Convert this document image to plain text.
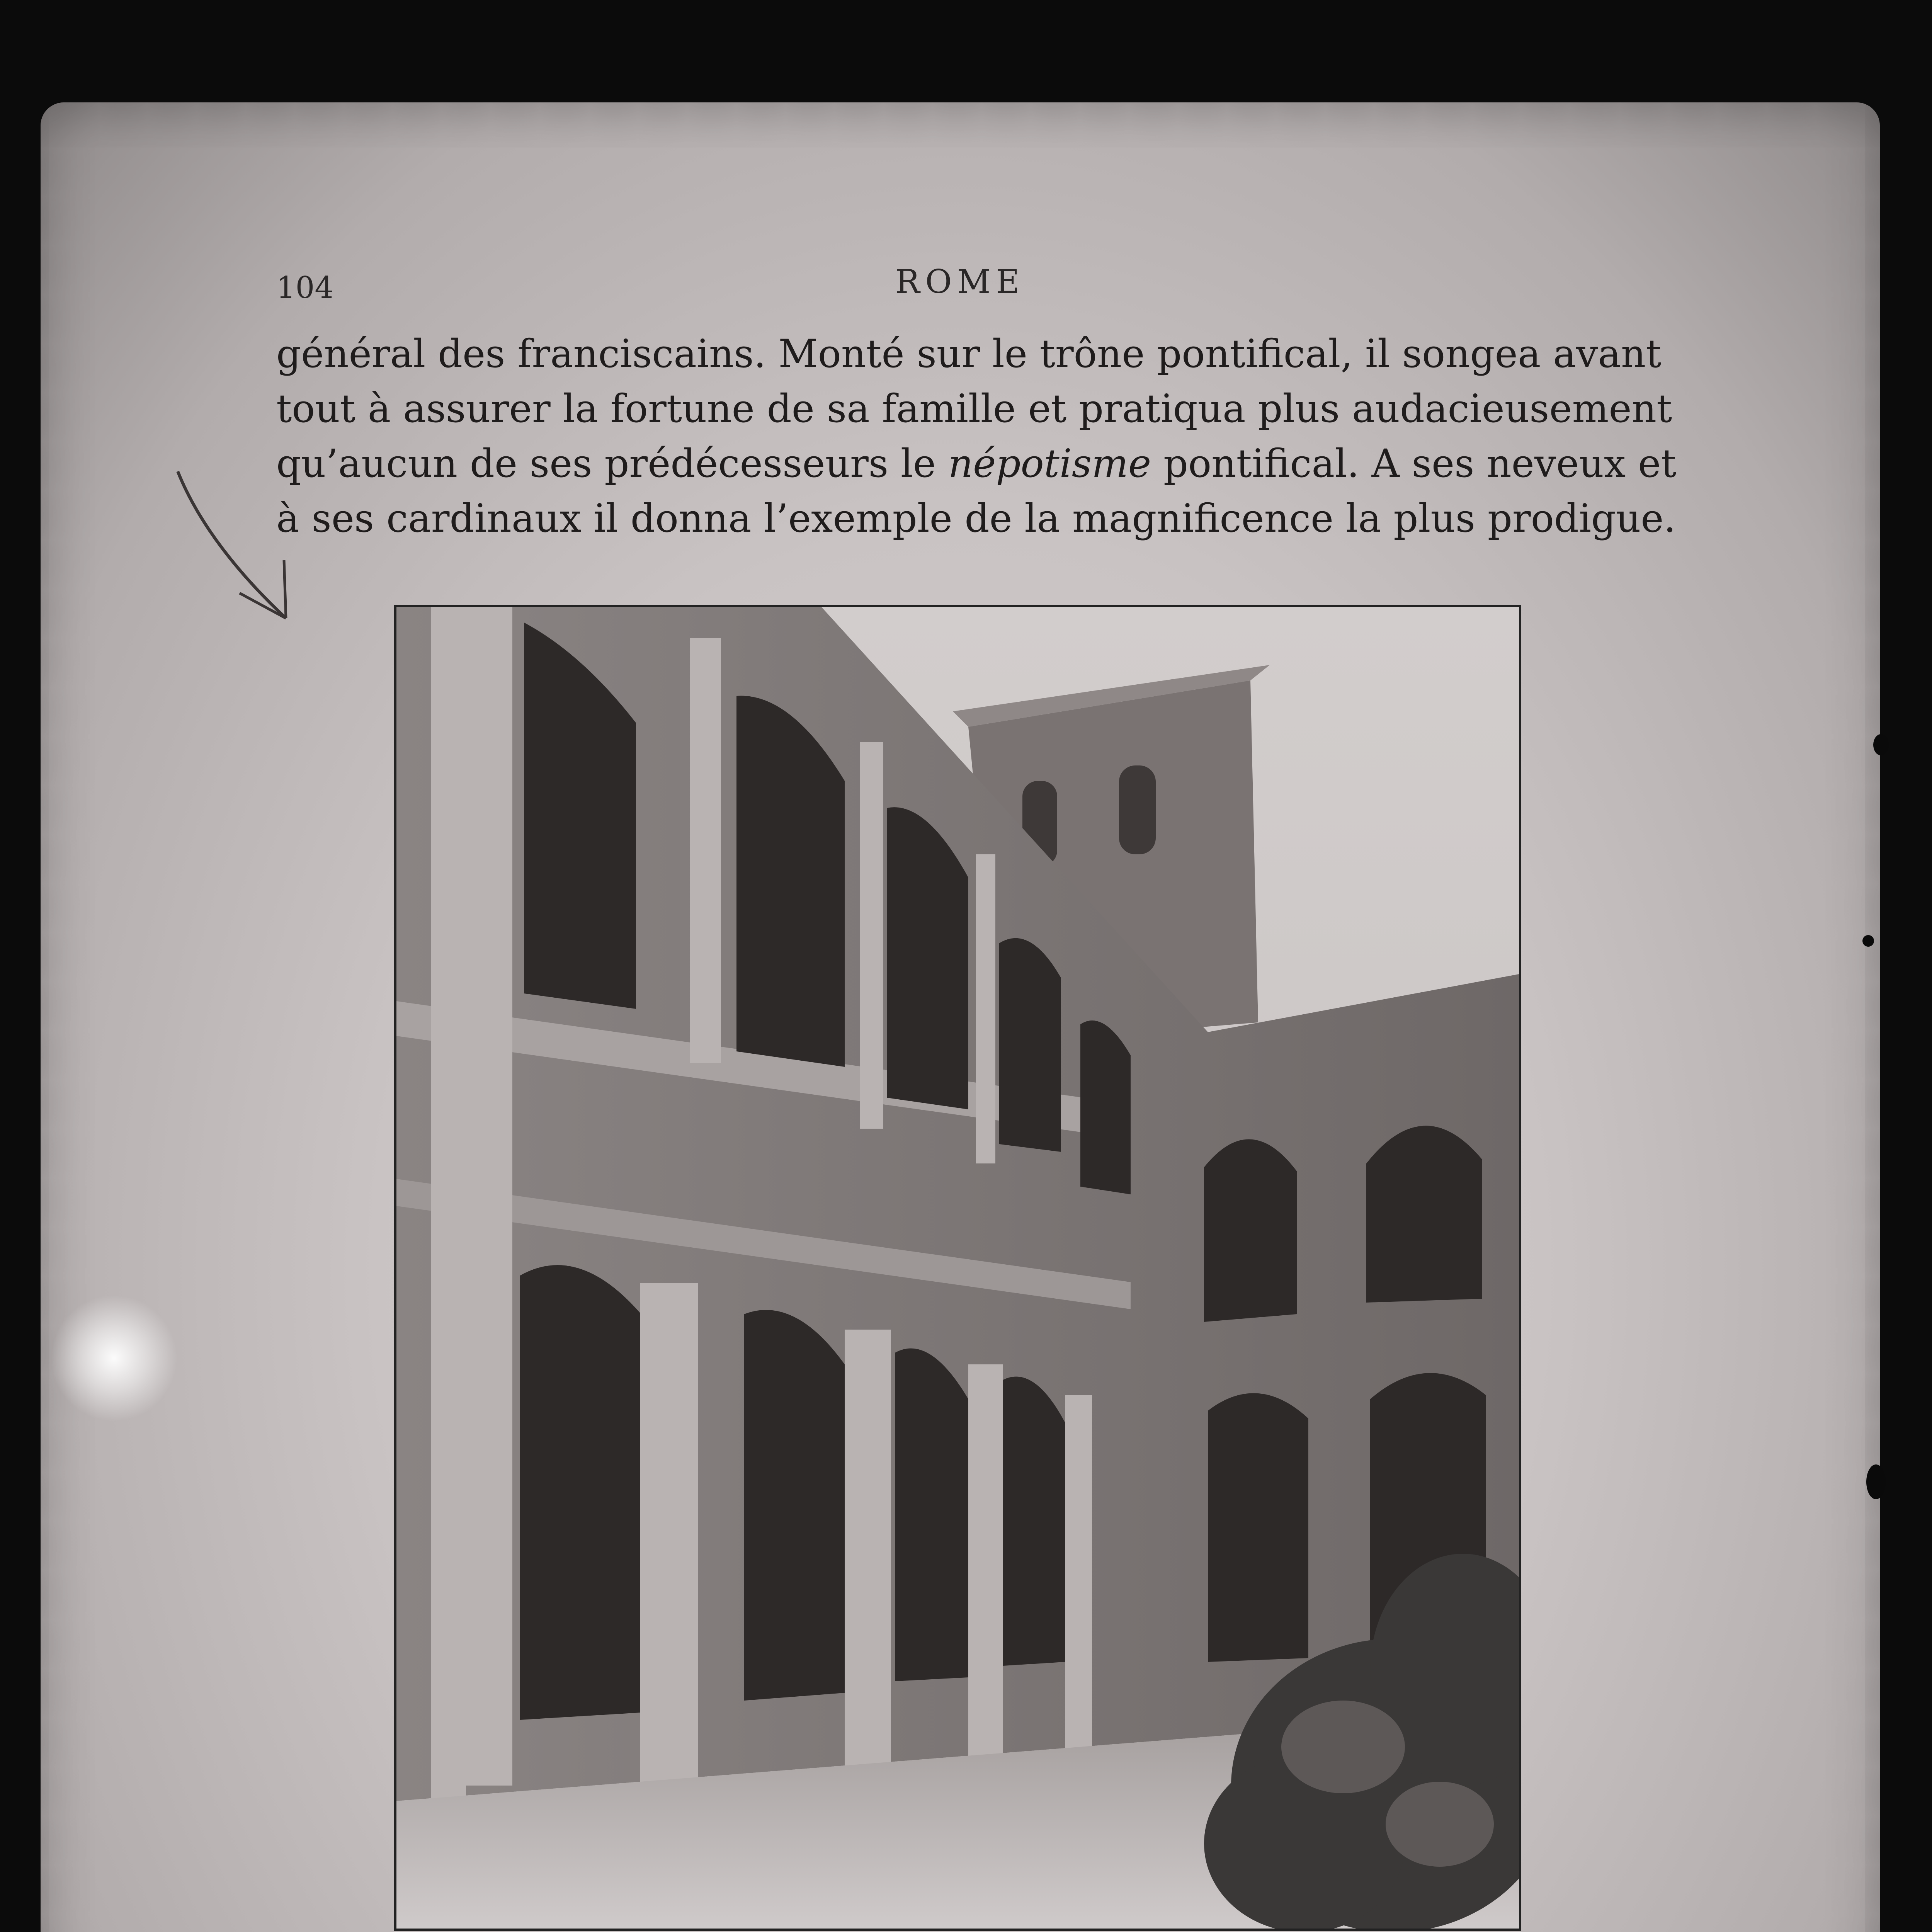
104	ROME
général des franciscains. Monté sur le trône pontifical, il songea avant
tout à assurer la fortune de sa famille et pratiqua plus audacieusement
qu’aucun de ses prédécesseurs le népotisme pontifical. A ses neveux et
à ses cardinaux il donna l’exemple de la magnificence la plus prodigue.
